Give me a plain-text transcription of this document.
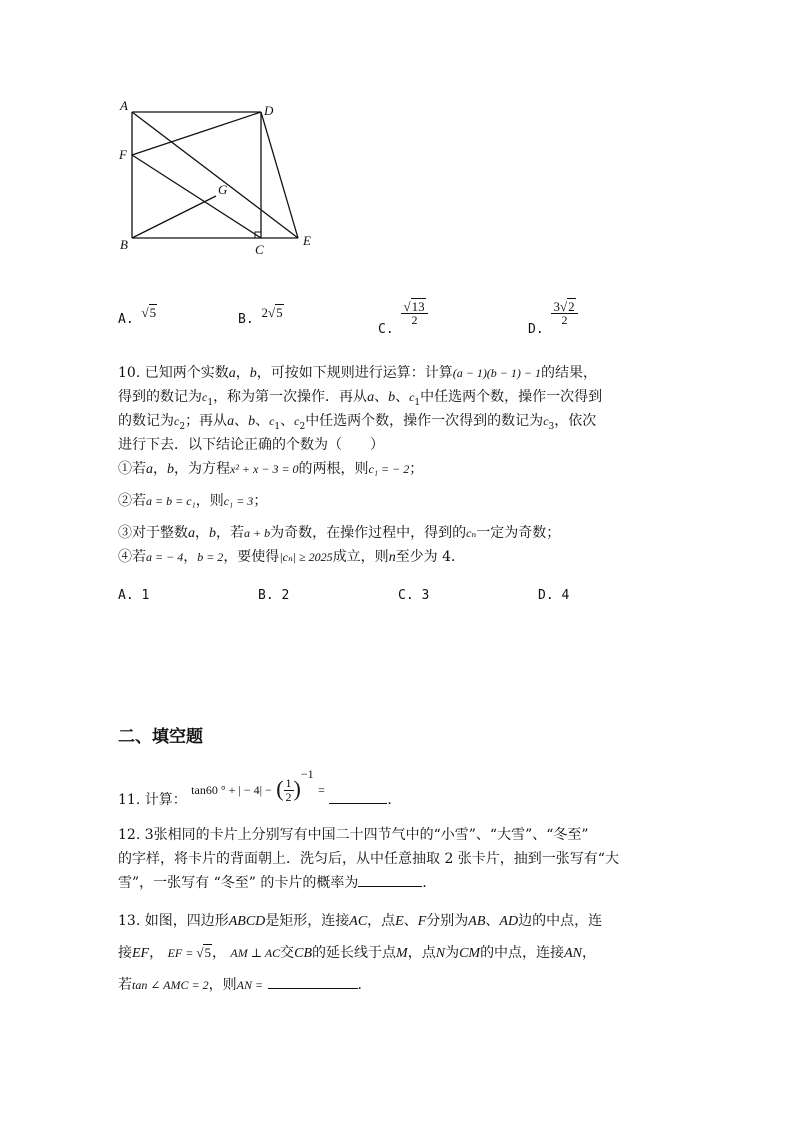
A	D
F
G
B	C
E
A. √5	B. 2√5
C.
$\frac{√13}{2}$
D.
$\frac{3√2}{2}$
10. 已知两个实数a，b，可按如下规则进行运算：计算(a − 1)(b − 1) − 1的结果，
得到的数记为$c_1$，称为第一次操作．再从a、b、$c_1$中任选两个数，操作一次得到
的数记为$c_2$；再从a、b、$c_1$、$c_2$中任选两个数，操作一次得到的数记为$c_3$，依次
进行下去．以下结论正确的个数为（　　）
①若a，b，为方程x² + x − 3 = 0的两根，则c₁ = − 2；
②若a = b = c₁，则c₁ = 3；
③对于整数a，b，若a + b为奇数，在操作过程中，得到的cₙ一定为奇数；
④若a = − 4，b = 2，要使得|cₙ| ≥ 2025成立，则n至少为 4．
A. 1	B. 2	C. 3	D. 4
二、填空题
11. 计算： tan60 ° + | − 4| − ( $\frac{1}{2} )^{-1}$ = ．
12. 3张相同的卡片上分别写有中国二十四节气中的“小雪”、“大雪”、“冬至”
的字样，将卡片的背面朝上．洗匀后，从中任意抽取 2 张卡片，抽到一张写有“大
雪”，一张写有 “冬至” 的卡片的概率为	．
13. 如图，四边形ABCD是矩形，连接AC，点E、F分别为AB、AD边的中点，连
接EF， EF = √5， AM ⊥ AC交CB的延长线于点M，点N为CM的中点，连接AN，
若tan ∠ AMC = 2，则AN =	．
